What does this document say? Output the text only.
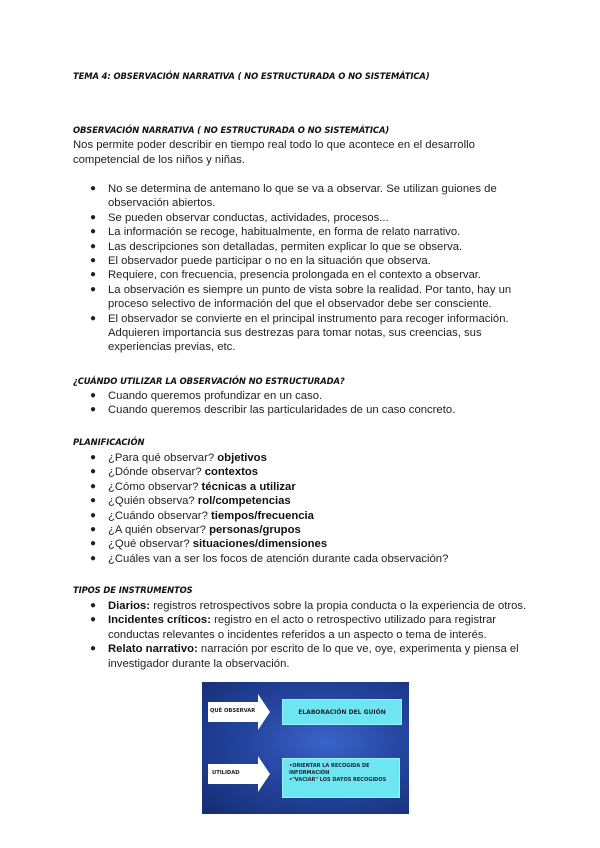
TEMA 4: OBSERVACIÓN NARRATIVA ( NO ESTRUCTURADA O NO SISTEMÁTICA)
OBSERVACIÓN NARRATIVA ( NO ESTRUCTURADA O NO SISTEMÁTICA)
Nos permite poder describir en tiempo real todo lo que acontece en el desarrollo competencial de los niños y niñas.
● No se determina de antemano lo que se va a observar. Se utilizan guiones de observación abiertos.
● Se pueden observar conductas, actividades, procesos...
● La información se recoge, habitualmente, en forma de relato narrativo.
● Las descripciones son detalladas, permiten explicar lo que se observa.
● El observador puede participar o no en la situación que observa.
● Requiere, con frecuencia, presencia prolongada en el contexto a observar.
● La observación es siempre un punto de vista sobre la realidad. Por tanto, hay un proceso selectivo de información del que el observador debe ser consciente.
● El observador se convierte en el principal instrumento para recoger información. Adquieren importancia sus destrezas para tomar notas, sus creencias, sus experiencias previas, etc.
¿CUÁNDO UTILIZAR LA OBSERVACIÓN NO ESTRUCTURADA?
● Cuando queremos profundizar en un caso.
● Cuando queremos describir las particularidades de un caso concreto.
PLANIFICACIÓN
● ¿Para qué observar? objetivos
● ¿Dónde observar? contextos
● ¿Cómo observar? técnicas a utilizar
● ¿Quién observa? rol/competencias
● ¿Cuándo observar? tiempos/frecuencia
● ¿A quién observar? personas/grupos
● ¿Qué observar? situaciones/dimensiones
● ¿Cuáles van a ser los focos de atención durante cada observación?
TIPOS DE INSTRUMENTOS
● Diarios: registros retrospectivos sobre la propia conducta o la experiencia de otros.
● Incidentes críticos: registro en el acto o retrospectivo utilizado para registrar conductas relevantes o incidentes referidos a un aspecto o tema de interés.
● Relato narrativo: narración por escrito de lo que ve, oye, experimenta y piensa el investigador durante la observación.
QUÉ OBSERVAR
UTILIDAD
ELABORACIÓN DEL GUIÓN
•ORIENTAR LA RECOGIDA DE
INFORMACIÓN
•"VACIAR" LOS DATOS RECOGIDOS
